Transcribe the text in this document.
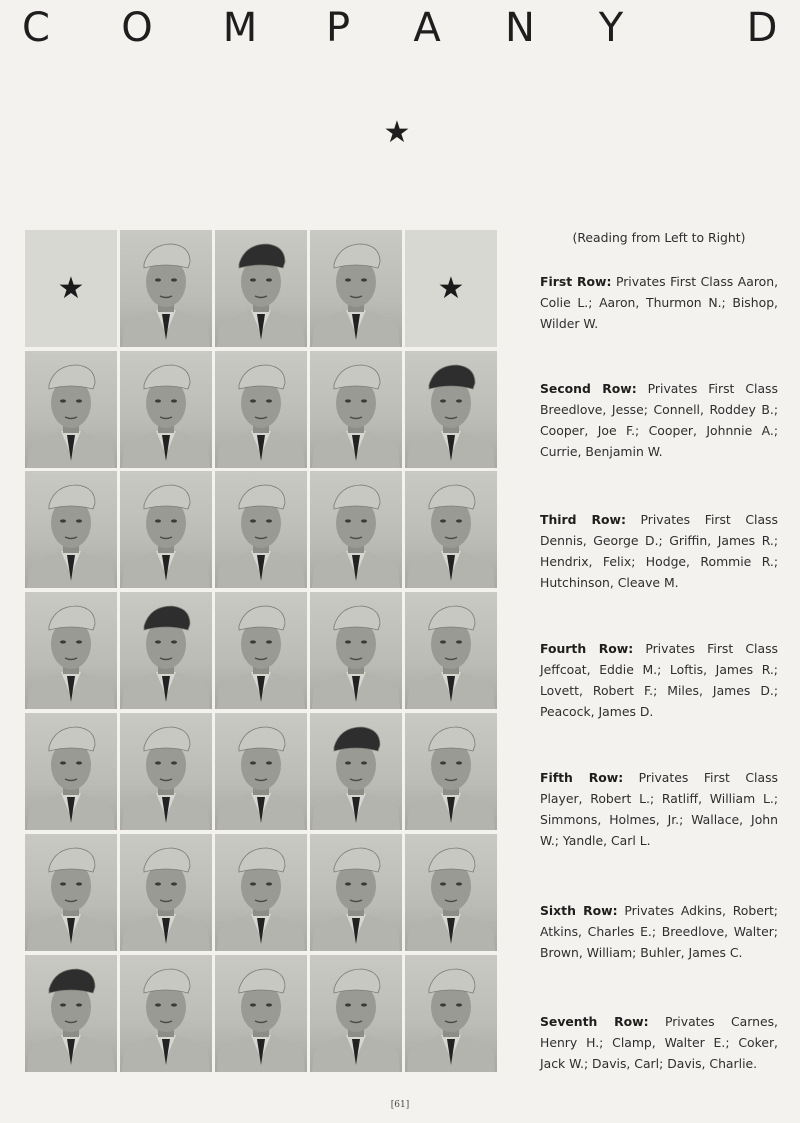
C O M P A N Y	D
★
★	★
(Reading from Left to Right)
First Row: Privates First Class Aaron, Colie L.; Aaron, Thurmon N.; Bishop, Wilder W.
Second Row: Privates First Class Breedlove, Jesse; Connell, Roddey B.; Cooper, Joe F.; Cooper, Johnnie A.; Currie, Benjamin W.
Third Row: Privates First Class Dennis, George D.; Griffin, James R.; Hendrix, Felix; Hodge, Rommie R.; Hutchinson, Cleave M.
Fourth Row: Privates First Class Jeffcoat, Eddie M.; Loftis, James R.; Lovett, Robert F.; Miles, James D.; Peacock, James D.
Fifth Row: Privates First Class Player, Robert L.; Ratliff, William L.; Simmons, Holmes, Jr.; Wallace, John W.; Yandle, Carl L.
Sixth Row: Privates Adkins, Robert; Atkins, Charles E.; Breedlove, Walter; Brown, William; Buhler, James C.
Seventh Row: Privates Carnes, Henry H.; Clamp, Walter E.; Coker, Jack W.; Davis, Carl; Davis, Charlie.
[61]
